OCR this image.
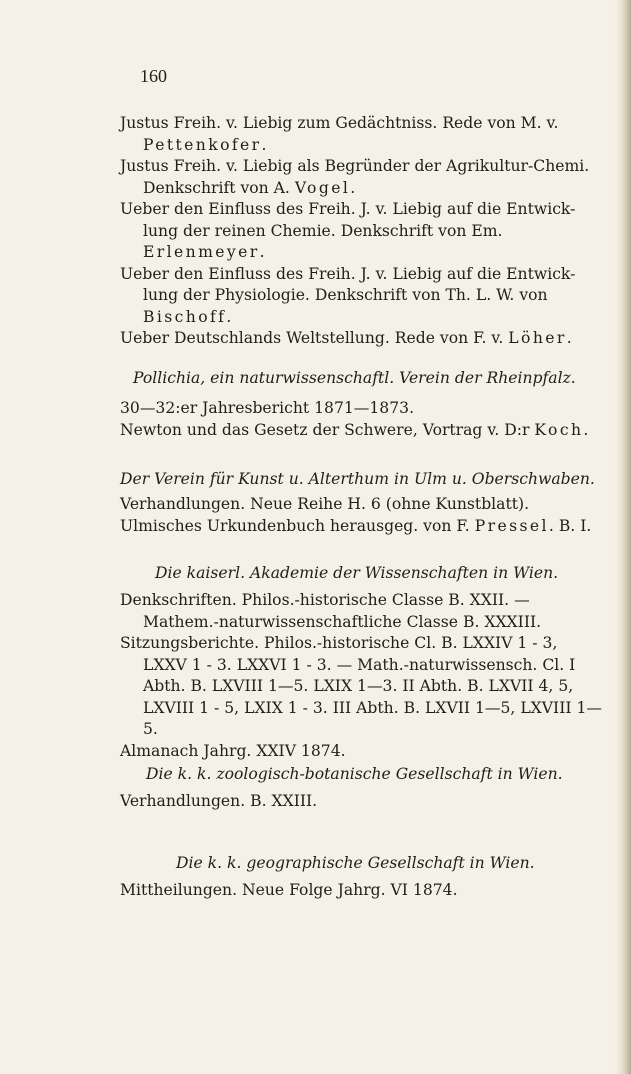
160

Justus Freih. v. Liebig zum Gedächtniss. Rede von M. v. Pettenkofer.

Justus Freih. v. Liebig als Begründer der Agrikultur-Chemi. Denkschrift von A. Vogel.

Ueber den Einfluss des Freih. J. v. Liebig auf die Entwick-lung der reinen Chemie. Denkschrift von Em. Erlenmeyer.

Ueber den Einfluss des Freih. J. v. Liebig auf die Entwick-lung der Physiologie. Denkschrift von Th. L. W. von Bischoff.

Ueber Deutschlands Weltstellung. Rede von F. v. Löher.

Pollichia, ein naturwissenschaftl. Verein der Rheinpfalz.

30—32:er Jahresbericht 1871—1873.

Newton und das Gesetz der Schwere, Vortrag v. D:r Koch.

Der Verein für Kunst u. Alterthum in Ulm u. Oberschwaben.

Verhandlungen. Neue Reihe H. 6 (ohne Kunstblatt).

Ulmisches Urkundenbuch herausgeg. von F. Pressel. B. I.

Die kaiserl. Akademie der Wissenschaften in Wien.

Denkschriften. Philos.-historische Classe B. XXII. — Mathem.-naturwissenschaftliche Classe B. XXXIII.

Sitzungsberichte. Philos.-historische Cl. B. LXXIV 1 - 3, LXXV 1 - 3. LXXVI 1 - 3. — Math.-naturwissensch. Cl. I Abth. B. LXVIII 1—5. LXIX 1—3. II Abth. B. LXVII 4, 5, LXVIII 1 - 5, LXIX 1 - 3. III Abth. B. LXVII 1—5, LXVIII 1—5.

Almanach Jahrg. XXIV 1874.

Die k. k. zoologisch-botanische Gesellschaft in Wien.

Verhandlungen. B. XXIII.

Die k. k. geographische Gesellschaft in Wien.

Mittheilungen. Neue Folge Jahrg. VI 1874.
